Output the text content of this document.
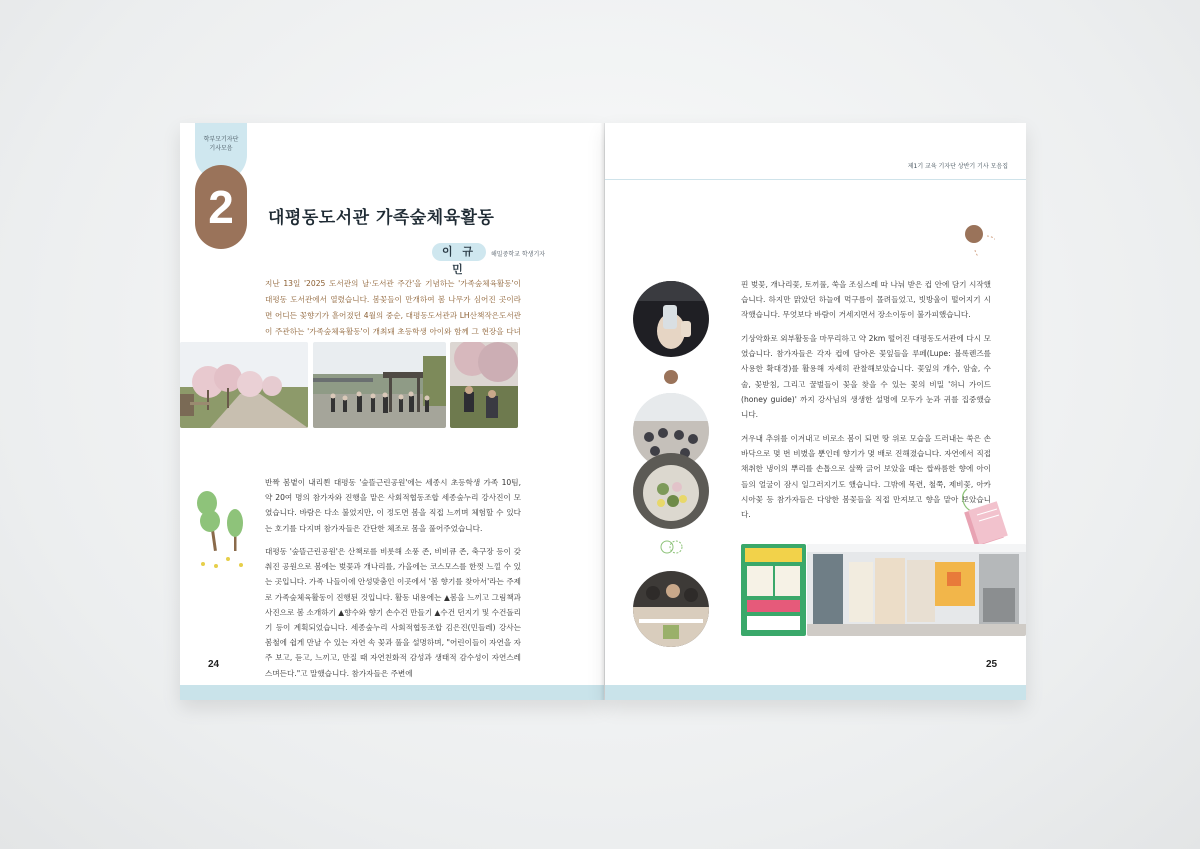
학부모기자단
기사모음
2 대평동도서관 가족숲체육활동
이 규 민
해밀중학교 학생기자

지난 13일 '2025 도서관의 날·도서관 주간'을 기념하는 '가족숲체육활동'이 대평동 도서관에서 열렸습니다. 봄꽃들이 만개하여 봄 나무가 심어진 곳이라면 어디든 꽃향기가 흩어졌던 4월의 중순, 대평동도서관과 LH산책작은도서관이 주관하는 '가족숲체육활동'이 개최돼 초등학생 아이와 함께 그 현장을 다녀

반짝 봄볕이 내리쬔 대평동 '숲뜰근린공원'에는 세종시 초등학생 가족 10팀, 약 20여 명의 참가자와 진행을 맡은 사회적협동조합 세종숲누리 강사진이 모였습니다. 바람은 다소 불었지만, 이 정도면 봄을 직접 느끼며 체험할 수 있다는 호기를 다지며 참가자들은 간단한 체조로 몸을 풀어주었습니다.

대평동 '숲뜰근린공원'은 산책로를 비롯해 소풍 존, 비비큐 존, 축구장 등이 갖춰진 공원으로 봄에는 벚꽃과 개나리를, 가을에는 코스모스를 한껏 느낄 수 있는 곳입니다. 가족 나들이에 안성맞춤인 이곳에서 '봄 향기를 찾아서'라는 주제로 가족숲체육활동이 진행된 것입니다. 활동 내용에는 ▲봄을 느끼고 그림책과 사진으로 봄 소개하기 ▲향수와 향기 손수건 만들기 ▲수건 던지기 및 수건돌리기 등이 계획되었습니다. 세종숲누리 사회적협동조합 김은진(민들레) 강사는 봄철에 쉽게 만날 수 있는 자연 속 꽃과 풀을 설명하며, "어린이들이 자연을 자주 보고, 듣고, 느끼고, 만질 때 자연친화적 감성과 생태적 감수성이 자연스레 스며든다."고 말했습니다. 참가자들은 주변에

24
제1기 교육 기자단 상반기 기사 모음집

핀 벚꽃, 개나리꽃, 토끼풀, 쑥을 조심스레 따 나눠 받은 컵 안에 담기 시작했습니다. 하지만 맑았던 하늘에 먹구름이 몰려들었고, 빗방울이 떨어지기 시작했습니다. 무엇보다 바람이 거세지면서 장소이동이 불가피했습니다.

기상악화로 외부활동을 마무리하고 약 2km 떨어진 대평동도서관에 다시 모였습니다. 참가자들은 각자 컵에 담아온 꽃잎들을 루페(Lupe: 볼록렌즈를 사용한 확대경)를 활용해 자세히 관찰해보았습니다. 꽃잎의 개수, 암술, 수술, 꽃받침, 그리고 꿀벌들이 꽃을 찾을 수 있는 꽃의 비밀 '허니 가이드(honey guide)' 까지 강사님의 생생한 설명에 모두가 눈과 귀를 집중했습니다.

겨우내 추위를 이겨내고 비로소 봄이 되면 땅 위로 모습을 드러내는 쑥은 손바닥으로 몇 번 비볐을 뿐인데 향기가 몇 배로 진해졌습니다. 자연에서 직접 채취한 냉이의 뿌리를 손톱으로 살짝 긁어 보았을 때는 쌉싸름한 향에 아이들의 얼굴이 잠시 일그러지기도 했습니다. 그밖에 목련, 철쭉, 제비꽃, 아카시아꽃 등 참가자들은 다양한 봄꽃들을 직접 만져보고 향을 맡아 보았습니다.

25
